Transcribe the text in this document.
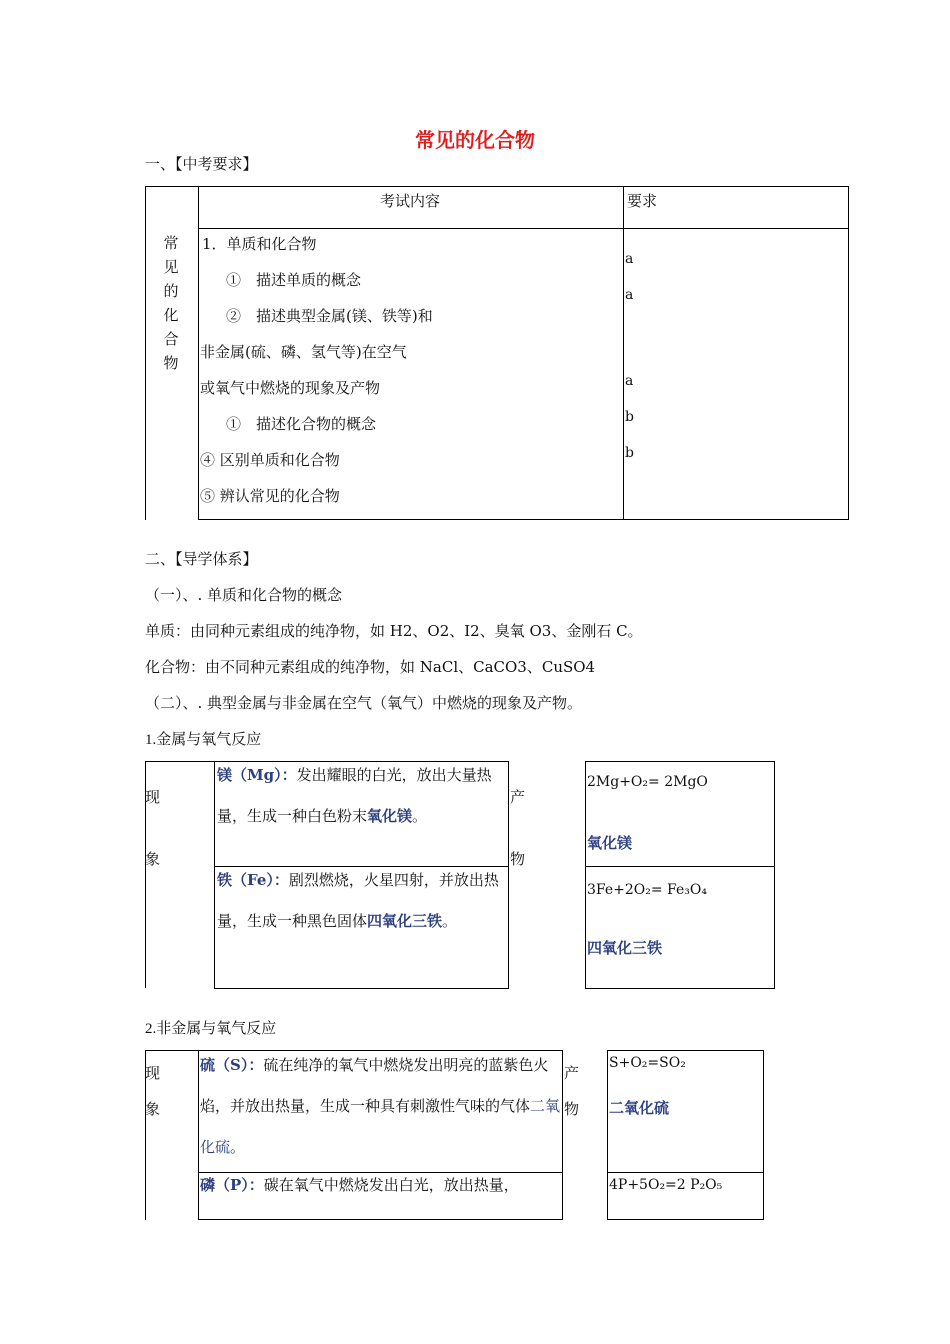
常见的化合物
一、【中考要求】
考试内容	要求
常见的化合物
1．单质和化合物
①　描述单质的概念
②　描述典型金属(镁、铁等)和
非金属(硫、磷、氢气等)在空气
或氧气中燃烧的现象及产物
①　描述化合物的概念
④ 区别单质和化合物
⑤ 辨认常见的化合物
a
a
a
b
b
二、【导学体系】
（一）、. 单质和化合物的概念
单质：由同种元素组成的纯净物，如 H2、O2、I2、臭氧 O3、金刚石 C。
化合物：由不同种元素组成的纯净物，如 NaCl、CaCO3、CuSO4
（二）、. 典型金属与非金属在空气（氧气）中燃烧的现象及产物。
1.金属与氧气反应
现象
产物
镁（Mg）：发出耀眼的白光，放出大量热量，生成一种白色粉末氧化镁。
铁（Fe）：剧烈燃烧，火星四射，并放出热量，生成一种黑色固体四氧化三铁。
2Mg+O₂= 2MgO
氧化镁
3Fe+2O₂= Fe₃O₄
四氧化三铁
2.非金属与氧气反应
现象
产物
硫（S）：硫在纯净的氧气中燃烧发出明亮的蓝紫色火焰，并放出热量，生成一种具有刺激性气味的气体二氧化硫。
磷（P）：碳在氧气中燃烧发出白光，放出热量，
S+O₂=SO₂
二氧化硫
4P+5O₂=2 P₂O₅
